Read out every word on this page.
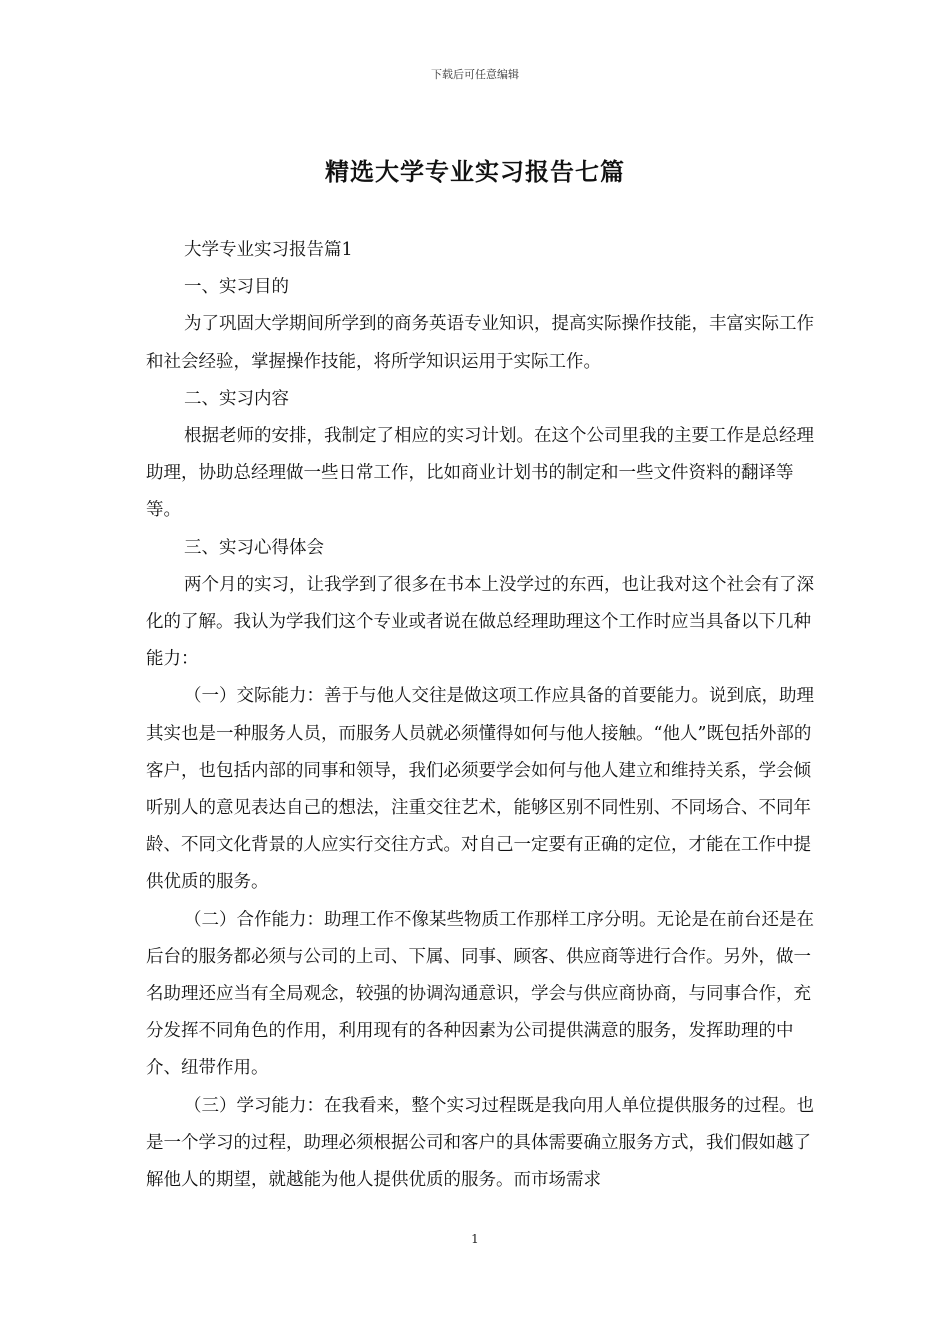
下载后可任意编辑
精选大学专业实习报告七篇

大学专业实习报告篇1

一、实习目的

为了巩固大学期间所学到的商务英语专业知识，提高实际操作技能，丰富实际工作和社会经验，掌握操作技能，将所学知识运用于实际工作。

二、实习内容

根据老师的安排，我制定了相应的实习计划。在这个公司里我的主要工作是总经理助理，协助总经理做一些日常工作，比如商业计划书的制定和一些文件资料的翻译等等。

三、实习心得体会

两个月的实习，让我学到了很多在书本上没学过的东西，也让我对这个社会有了深化的了解。我认为学我们这个专业或者说在做总经理助理这个工作时应当具备以下几种能力：

（一）交际能力：善于与他人交往是做这项工作应具备的首要能力。说到底，助理其实也是一种服务人员，而服务人员就必须懂得如何与他人接触。“他人”既包括外部的客户，也包括内部的同事和领导，我们必须要学会如何与他人建立和维持关系，学会倾听别人的意见表达自己的想法，注重交往艺术，能够区别不同性别、不同场合、不同年龄、不同文化背景的人应实行交往方式。对自己一定要有正确的定位，才能在工作中提供优质的服务。

（二）合作能力：助理工作不像某些物质工作那样工序分明。无论是在前台还是在后台的服务都必须与公司的上司、下属、同事、顾客、供应商等进行合作。另外，做一名助理还应当有全局观念，较强的协调沟通意识，学会与供应商协商，与同事合作，充分发挥不同角色的作用，利用现有的各种因素为公司提供满意的服务，发挥助理的中介、纽带作用。

（三）学习能力：在我看来，整个实习过程既是我向用人单位提供服务的过程。也是一个学习的过程，助理必须根据公司和客户的具体需要确立服务方式，我们假如越了解他人的期望，就越能为他人提供优质的服务。而市场需求

1
